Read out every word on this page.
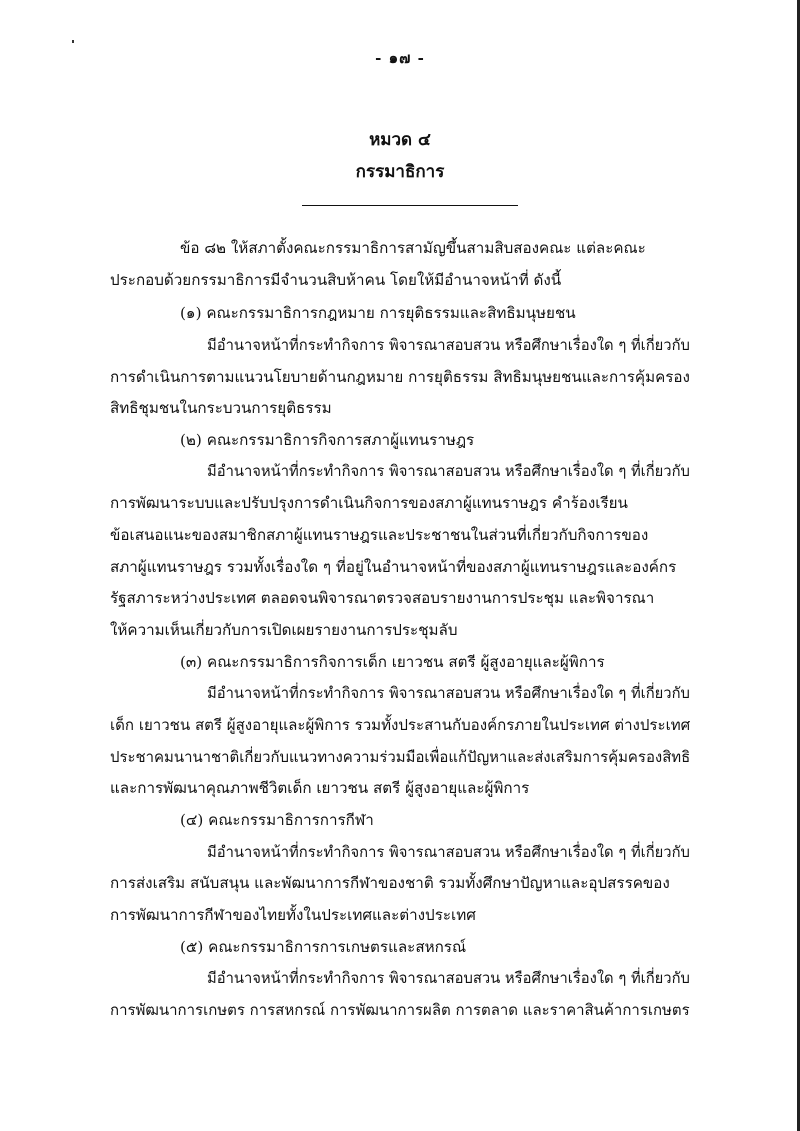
- ๑๗ -
หมวด ๔
กรรมาธิการ
ข้อ ๘๒ ให้สภาตั้งคณะกรรมาธิการสามัญขึ้นสามสิบสองคณะ แต่ละคณะ
ประกอบด้วยกรรมาธิการมีจำนวนสิบห้าคน โดยให้มีอำนาจหน้าที่ ดังนี้
(๑) คณะกรรมาธิการกฎหมาย การยุติธรรมและสิทธิมนุษยชน
มีอำนาจหน้าที่กระทำกิจการ พิจารณาสอบสวน หรือศึกษาเรื่องใด ๆ ที่เกี่ยวกับ
การดำเนินการตามแนวนโยบายด้านกฎหมาย การยุติธรรม สิทธิมนุษยชนและการคุ้มครอง
สิทธิชุมชนในกระบวนการยุติธรรม
(๒) คณะกรรมาธิการกิจการสภาผู้แทนราษฎร
มีอำนาจหน้าที่กระทำกิจการ พิจารณาสอบสวน หรือศึกษาเรื่องใด ๆ ที่เกี่ยวกับ
การพัฒนาระบบและปรับปรุงการดำเนินกิจการของสภาผู้แทนราษฎร คำร้องเรียน
ข้อเสนอแนะของสมาชิกสภาผู้แทนราษฎรและประชาชนในส่วนที่เกี่ยวกับกิจการของ
สภาผู้แทนราษฎร รวมทั้งเรื่องใด ๆ ที่อยู่ในอำนาจหน้าที่ของสภาผู้แทนราษฎรและองค์กร
รัฐสภาระหว่างประเทศ ตลอดจนพิจารณาตรวจสอบรายงานการประชุม และพิจารณา
ให้ความเห็นเกี่ยวกับการเปิดเผยรายงานการประชุมลับ
(๓) คณะกรรมาธิการกิจการเด็ก เยาวชน สตรี ผู้สูงอายุและผู้พิการ
มีอำนาจหน้าที่กระทำกิจการ พิจารณาสอบสวน หรือศึกษาเรื่องใด ๆ ที่เกี่ยวกับ
เด็ก เยาวชน สตรี ผู้สูงอายุและผู้พิการ รวมทั้งประสานกับองค์กรภายในประเทศ ต่างประเทศ
ประชาคมนานาชาติเกี่ยวกับแนวทางความร่วมมือเพื่อแก้ปัญหาและส่งเสริมการคุ้มครองสิทธิ
และการพัฒนาคุณภาพชีวิตเด็ก เยาวชน สตรี ผู้สูงอายุและผู้พิการ
(๔) คณะกรรมาธิการการกีฬา
มีอำนาจหน้าที่กระทำกิจการ พิจารณาสอบสวน หรือศึกษาเรื่องใด ๆ ที่เกี่ยวกับ
การส่งเสริม สนับสนุน และพัฒนาการกีฬาของชาติ รวมทั้งศึกษาปัญหาและอุปสรรคของ
การพัฒนาการกีฬาของไทยทั้งในประเทศและต่างประเทศ
(๕) คณะกรรมาธิการการเกษตรและสหกรณ์
มีอำนาจหน้าที่กระทำกิจการ พิจารณาสอบสวน หรือศึกษาเรื่องใด ๆ ที่เกี่ยวกับ
การพัฒนาการเกษตร การสหกรณ์ การพัฒนาการผลิต การตลาด และราคาสินค้าการเกษตร
